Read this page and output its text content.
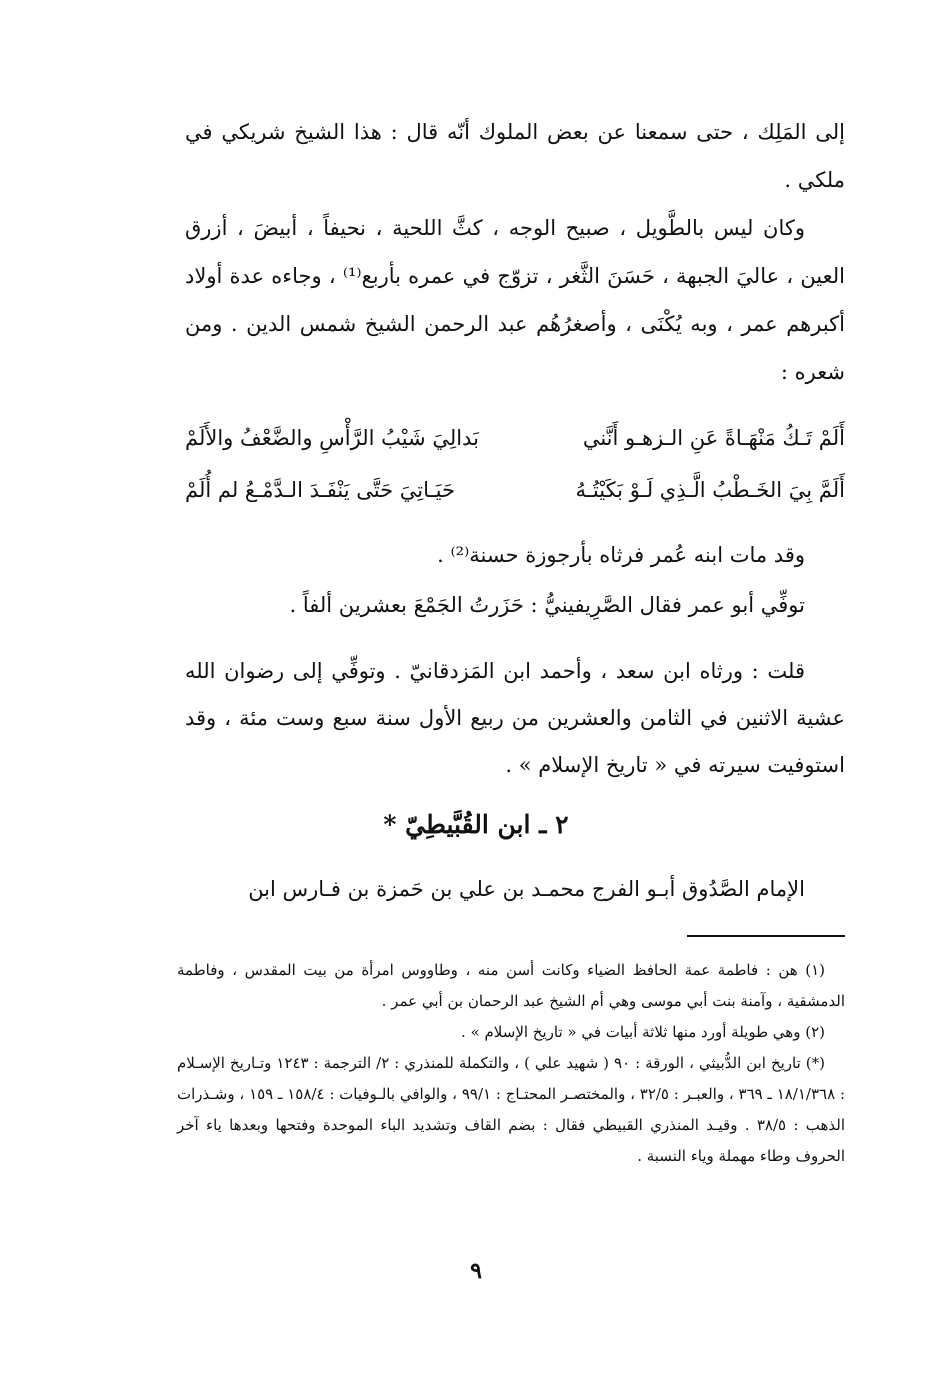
إلى المَلِك ، حتى سمعنا عن بعض الملوك أنّه قال : هذا الشيخ شريكي في ملكي .

وكان ليس بالطَّويل ، صبيح الوجه ، كثَّ اللحية ، نحيفاً ، أبيضَ ، أزرق العين ، عاليَ الجبهة ، حَسَنَ الثَّغر ، تزوّج في عمره بأربع⁽¹⁾ ، وجاءه عدة أولاد أكبرهم عمر ، وبه يُكْنَى ، وأصغرُهُم عبد الرحمن الشيخ شمس الدين . ومن شعره :

أَلَمْ تَـكُ مَنْهَـاةً عَنِ الـزهـو أَنَّني
بَدالِيَ شَيْبُ الرَّأْسِ والضَّعْفُ والأَلَمْ
أَلَمَّ بِيَ الخَـطْبُ الَّـذِي لَـوْ بَكَيْتُـهُ
حَيَـاتِيَ حَتَّى يَنْفَـدَ الـدَّمْـعُ لم أُلَمْ

وقد مات ابنه عُمر فرثاه بأرجوزة حسنة⁽²⁾ .

توفِّي أبو عمر فقال الصَّرِيفينيُّ : حَزَرتُ الجَمْعَ بعشرين ألفاً .

قلت : ورثاه ابن سعد ، وأحمد ابن المَزدقانيّ . وتوفِّي إلى رضوان الله عشية الاثنين في الثامن والعشرين من ربيع الأول سنة سبع وست مئة ، وقد استوفيت سيرته في « تاريخ الإسلام » .

٢ ـ ابن القُبَّيطِيّ *
الإمام الصَّدُوق أبـو الفرج محمـد بن علي بن حَمزة بن فـارس ابن

(١) هن : فاطمة عمة الحافظ الضياء وكانت أسن منه ، وطاووس امرأة من بيت المقدس ، وفاطمة الدمشقية ، وآمنة بنت أبي موسى وهي أم الشيخ عبد الرحمان بن أبي عمر .

(٢) وهي طويلة أورد منها ثلاثة أبيات في « تاريخ الإسلام » .

(*) تاريخ ابن الدُّبيثي ، الورقة : ٩٠ ( شهيد علي ) ، والتكملة للمنذري : ٢/ الترجمة : ١٢٤٣ وتـاريخ الإسـلام : ١٨/١/٣٦٨ ـ ٣٦٩ ، والعبـر : ٣٢/٥ ، والمختصـر المحتـاج : ٩٩/١ ، والوافي بالـوفيات : ١٥٨/٤ ـ ١٥٩ ، وشـذرات الذهب : ٣٨/٥ . وقيـد المنذري القبيطي فقال : بضم القاف وتشديد الباء الموحدة وفتحها وبعدها ياء آخر الحروف وطاء مهملة وياء النسبة .

٩
